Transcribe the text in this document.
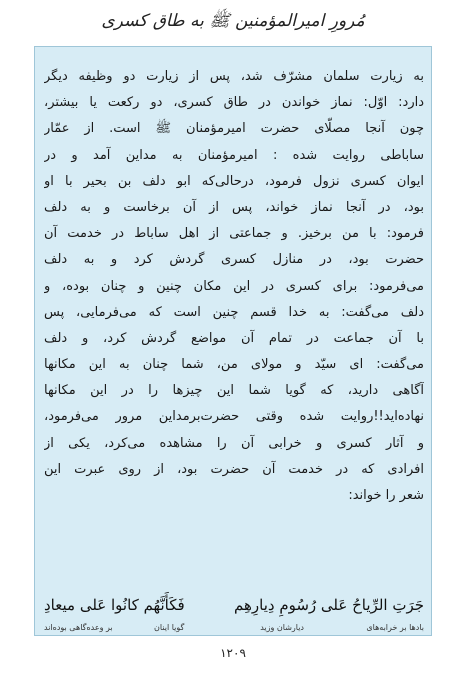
مُرورِ امیرالمؤمنین ﷺ به طاق کسری
به زیارت سلمان مشرّف شد، پس از زیارت دو وظیفه دیگر
دارد: اوّل: نماز خواندن در طاق کسری، دو رکعت یا بیشتر،
چون آنجا مصلّای حضرت امیرمؤمنان ﷺ است. از عمّار
ساباطی روایت شده : امیرمؤمنان به مداین آمد و در
ایوان کسری نزول فرمود، درحالی‌که ابو دلف بن بحیر با او
بود، در آنجا نماز خواند، پس از آن برخاست و به دلف
فرمود: با من برخیز. و جماعتی از اهل ساباط در خدمت آن
حضرت بود، در منازل کسری گردش کرد و به دلف
می‌فرمود: برای کسری در این مکان چنین و چنان بوده، و
دلف می‌گفت: به خدا قسم چنین است که می‌فرمایی، پس
با آن جماعت در تمام آن مواضع گردش کرد، و دلف
می‌گفت: ای سیّد و مولای من، شما چنان به این مکانها
آگاهی دارید، که گویا شما این چیزها را در این مکانها
نهاده‌اید!!روایت شده وقتی حضرت‌برمداین مرور می‌فرمود،
و آثار کسری و خرابی آن را مشاهده می‌کرد، یکی از
افرادی که در خدمت آن حضرت بود، از روی عبرت این
شعر را خواند:
جَرَتِ الرِّیاحُ عَلی رُسُومِ دِیارِهِم
فَکَأَنَّهُم کانُوا عَلی میعادِ
بادها بر خرابه‌های
دیارشان وزید
گویا اینان
بر وعده‌گاهی بوده‌اند
۱۲۰۹
